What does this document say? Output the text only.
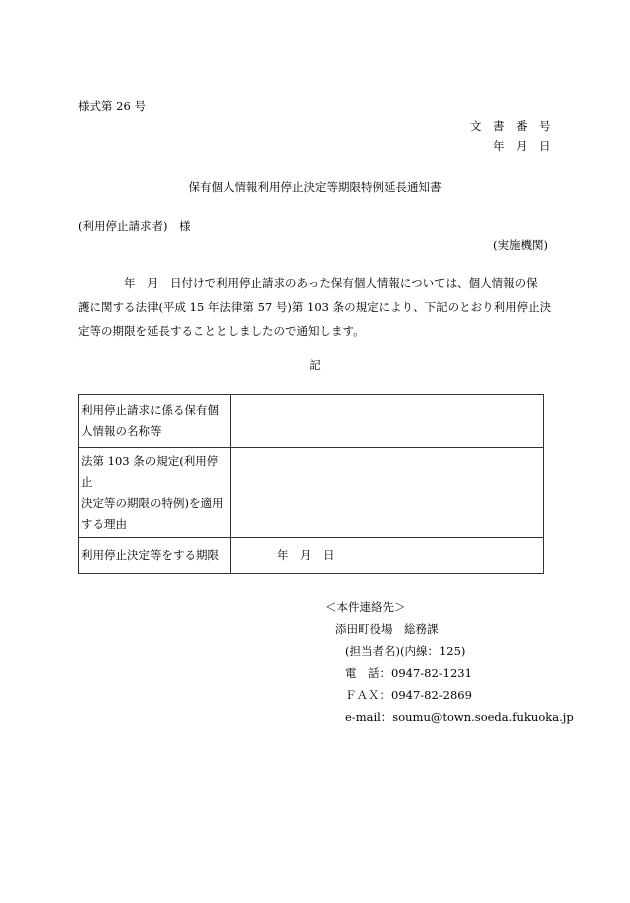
様式第 26 号
文　書　番　号
年　月　日
保有個人情報利用停止決定等期限特例延長通知書
(利用停止請求者)　様
(実施機関)
年　月　日付けで利用停止請求のあった保有個人情報については、個人情報の保
護に関する法律(平成 15 年法律第 57 号)第 103 条の規定により、下記のとおり利用停止決
定等の期限を延長することとしましたので通知します。
記
利用停止請求に係る保有個
人情報の名称等	

法第 103 条の規定(利用停止
決定等の期限の特例)を適用
する理由	

利用停止決定等をする期限	年　月　日
＜本件連絡先＞
添田町役場　総務課
(担当者名)(内線：125)
電　話：0947-82-1231
ＦＡＸ：0947-82-2869
e-mail：soumu@town.soeda.fukuoka.jp
